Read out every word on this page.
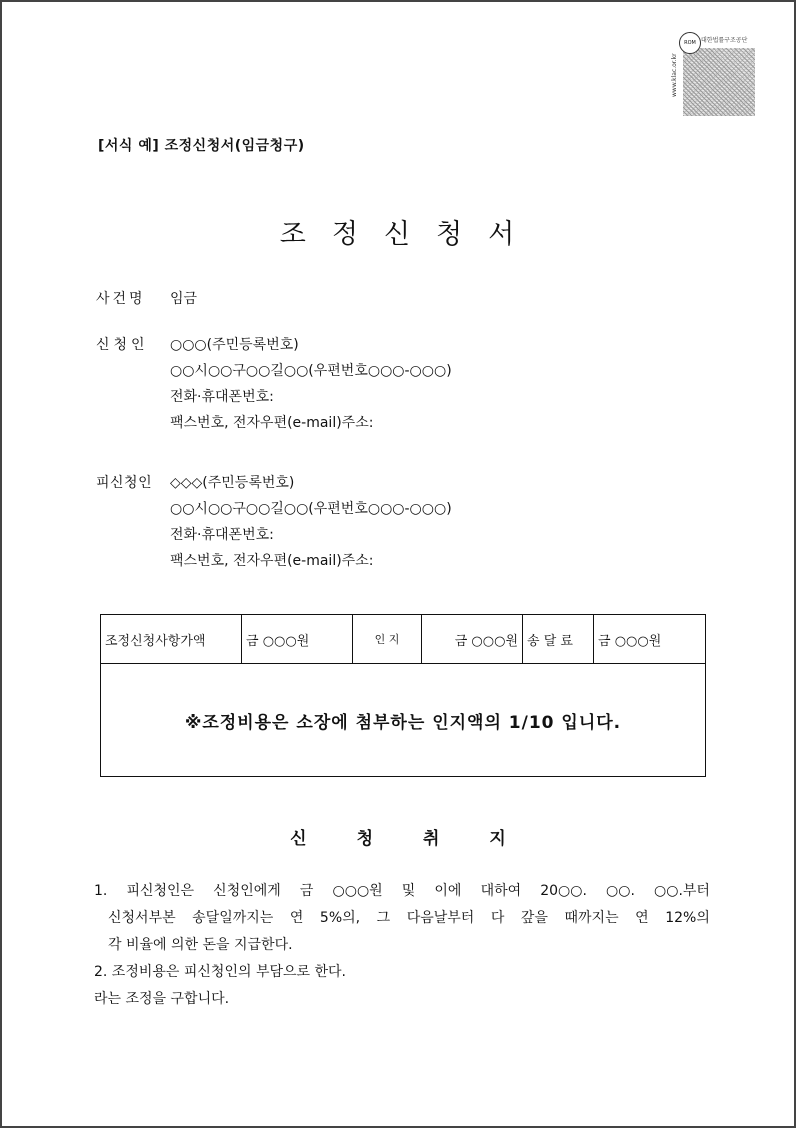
www.klac.or.kr
ROM 대한법률구조공단
[서식 예] 조정신청서(임금청구)
조정신청서
사건명 임금
신청인 ○○○(주민등록번호)
○○시○○구○○길○○(우편번호○○○-○○○)
전화·휴대폰번호:
팩스번호, 전자우편(e-mail)주소:
피신청인 ◇◇◇(주민등록번호)
○○시○○구○○길○○(우편번호○○○-○○○)
전화·휴대폰번호:
팩스번호, 전자우편(e-mail)주소:
조정신청사항가액	금 ○○○원	인 지	금 ○○○원	송 달 료	금 ○○○원
※조정비용은 소장에 첨부하는 인지액의 1/10 입니다.
신청취지
1. 피신청인은 신청인에게 금 ○○○원 및 이에 대하여 20○○. ○○. ○○.부터
신청서부본 송달일까지는 연 5%의, 그 다음날부터 다 갚을 때까지는 연 12%의
각 비율에 의한 돈을 지급한다.
2. 조정비용은 피신청인의 부담으로 한다.
라는 조정을 구합니다.
